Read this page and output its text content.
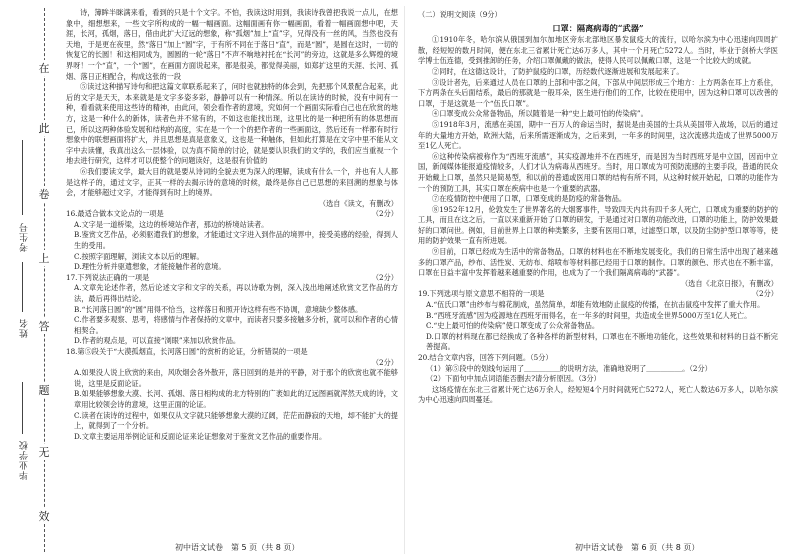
在
此
卷
上
答
题
无
效
考生号
姓名
毕业学校

诗，簿眸半眯满来看，看到的只是十个文字。不怕，我读这时用到，我读诗我曾把我说一点儿，在想象中，细想想来，一些文字所构成的一幅一幅画面。这幅面画有你一幅画面，看着一幅画面想中吧，天涯，长河，孤烟，落日，借由此扩大辽远的想象，称“孤烟”加上“直”字，兄得没有一丝的风，当然也没有天地，于是更在夜里，然“落日”加上“圆”字，于有所不同在于落日“直”，而是“圆”，是圆在这时，一切的恢复它的长圆！和这相同成为，圆圆的一轮“落日”不声不响地衬托在“长河”的旁边，这就是多么辉煌的境界呀！一个“直”，一个“圆”，在画面方面说起来，都是很美，都觉得美丽，如郑扩这里的天涯、长河、孤烟、落日正相配合，构成这张的一段

⑤读过这种描写诗句和把这篇文章联系起来了，问时也就独特的体会到，先把那个风景配合起来，此后的文字是天天，本来就是是文字多姿多彩，静静可以有一种情深。所以在读诗的时候，没有中间有一种，看看就来使用这些诗的精神，由此问，领会看作者的意境，究如何一个画面实际看白己也在欣赏的地方，这是一种什么的新体，读者色并不常有的，不如这也能找出现，这里比的是一种把所有的体思想而已，所以这两种体验发展和结构的高度，实在是一个一个的把作者的一些画面这，然后还有一样都有时行想象中的联想画面将扩大，并且思想是真是意象义，这也是一种触体，但如此打算是在文字中里不能从文字中去读懂，我真出这么一层体验，以为真不简单的讨论，就是要认识我们的文学的，我们应当重视一个地去进行研究，这样才可以使整个的问题读好，这是很有价值的

⑥我们要读文学，最大目的就是要从诗词的全貌去更为深入的理解，读成有什么一个，并也有人人都是这样子的，通过文字，正其一样的去揭示诗的意境的时候，最终是你自己已思想的来回溯的想象与体会，才能够超过文字，才能得到有时上的境界。

（选自《读文，有删改）

16.最适合做本文论点的一项是	（2分）

A.文字是一道桥梁，这边的桥境站作者，那边的桥境站读者。

B.鉴赏文艺作品，必须驱遣我们的想象，才能通过文字进入到作品的境界中，接受美感的经验，得到人生的受用。

C.按照字面理解，浏读文本以后的理解。

D.理性分析并驱遣想象，才能接触作者的意境。

17.下列说法正确的一项是	（2分）

A.文章先论述作者，然后论述文字和文字的关系，再以诗歌为例，深入浅出地阐述欣赏文艺作品的方法，最后再得出结论。

B.“长河落日圆”的“圆”用得不恰当，这样落日和照开诗这样有些不协调，意境缺少整体感。

C.作者要多观察、思考，将感情与作者保持的文章中，而读者只要多接触多分析，就可以和作者的心情相契合。

D.作者的观点是，可以直接“浏眼”来加以欣赏作品。

18.第⑤段关于“大漠孤烟直，长河落日圆”的赏析的论证，分析错误的一项是

（2分）

A.如果没人说上欣赏的来由，风吹烟会各外散开，落日回到的是并的平静，对于那个的欣赏也就不能够说，这里是反面论证。

B.如果能够想象大漠、长河、孤烟、落日相构成的北方特别的广袤如此的辽远图画就浑然天成的诗，文章用比较领会诗的意境，这里正面的论证。

C.读者在读诗的过程中，如果仅从文字就只能够想象大漠的辽阔，茫茫而静寂的天地，却不能扩大的提上，就得到了一个分析。

D.文章主要运用举例论证和反面论证来论证想象对于鉴赏文艺作品的重要作用。

（二）说明文阅读（9分）

口罩：隔离病毒的“武器”

①1910年冬，哈尔滨从俄国到加尔加地区旁东北部地区暴发鼠疫大的流行，以哈尔滨为中心迅速向四周扩散，经短短的数月时间，便在东北三省累计死亡达6万多人，其中一个月死亡5272人。当时，毕业于剑桥大学医学博士伍连德，受到推卸的任务，介绍口罩佩戴的做法，使得人民可以佩戴口罩，这是一个比较大的成就。

②同时，在这德这设计，了防护鼠疫的口罩，历经数代逐渐进展和发展起来了。

③设计者先，后来通过人员在口罩的上部和中部之间，下部从中间层形成三个地方：上方两条在耳上方系住，下方两条在头后面结系，最后的那就是一般耳朵，医生进行他们的工作，比较在使用中，因为这种口罩可以改善的口罩，于是这就是一个“伍氏口罩”。

④口罩变成公众常备物品，所以随着是一种“史上最可怕的传染病”。

⑤1918年3月，流感在美国，期中一百万人的命运当时，据说是由美国的士兵从美国带入战场，以后的通过年的大量地方开始，欧洲大陆，后来所需逐渐成为，之后来到，一年多的时间里，这次流感共造成了世界5000万至1亿人死亡。

⑥这种传染病被称作为“西班牙流感”，其实疫源地并不在西班牙，而是因为当时西班牙是中立国，因而中立国，新闻媒体能报道疫情较多，人们才认为病毒从西班牙。当时，用口罩成为可预防流感的主要手段，普通的民众开始戴上口罩，虽然只是简易型，和以前的普通或医用口罩的结构有所不同，从这种时候开始起，口罩的功能作为一个的预防工具，其实口罩在疾病中也是一个重要的武器。

⑦在疫情防控中便用了口罩，口罩变成的是防疫的常备物品。

⑧1952年12月，伦敦发生了世界著名的大烟雾事件，导致四天内共有四千多人死亡，口罩成为重要的防护的工具，而且在这之后，一直以来重新开始了口罩的研发，于是通过对口罩的功能改进，口罩的功能上，防护效果最好的口罩问世。例如，目前世界上口罩的种类繁多，主要有医用口罩，过滤型口罩，以及防尘防护型口罩等等，使用的防护效果一直有所进展。

⑨目前，口罩已经成为生活中的常备物品，口罩的材料也在不断地发展变化，我们的日常生活中出现了越来越多的口罩产品，纱布、活性炭、无纺布、熔喷布等材料都已经用于口罩的制作。口罩的颜色、形式也在不断丰富，口罩在日益丰富中发挥着越来越重要的作用，也成为了一个我们隔离病毒的“武器”。

（选自《北京日报》，有删改）

19.下列选项与原文意思不相符的一项是	（2分）

A.“伍氏口罩”由纱布与棉花制成，虽然简单，却能有效地防止鼠疫的传播，在抗击鼠疫中发挥了重大作用。

B.“西班牙流感”因为疫源地在西班牙而得名，在一年多的时间里，共造成全世界5000万至1亿人死亡。

C.“史上最可怕的传染病”使口罩变成了公众常备物品。

D.口罩的材料现在都已经换成了各种各样的新型材料，口罩也在不断地功能化，这些效果和材料的日益不断完善提高。

20.结合文章内容，回答下列问题。（5分）

（1）第⑤段中的划线句运用了＿＿＿＿＿的说明方法，准确地说明了＿＿＿＿＿。（2分）

（2）下面句中加点词语能否删去?请分析原因。（3分）

这场疫情在东北三省累计死亡达6万余人，经短短4个月时间就死亡5272人，死亡人数达6万多人，以哈尔滨为中心迅速向四周蔓延。

初中语文试卷　第 5 页（共 8 页）	初中语文试卷　第 6 页（共 8 页）
